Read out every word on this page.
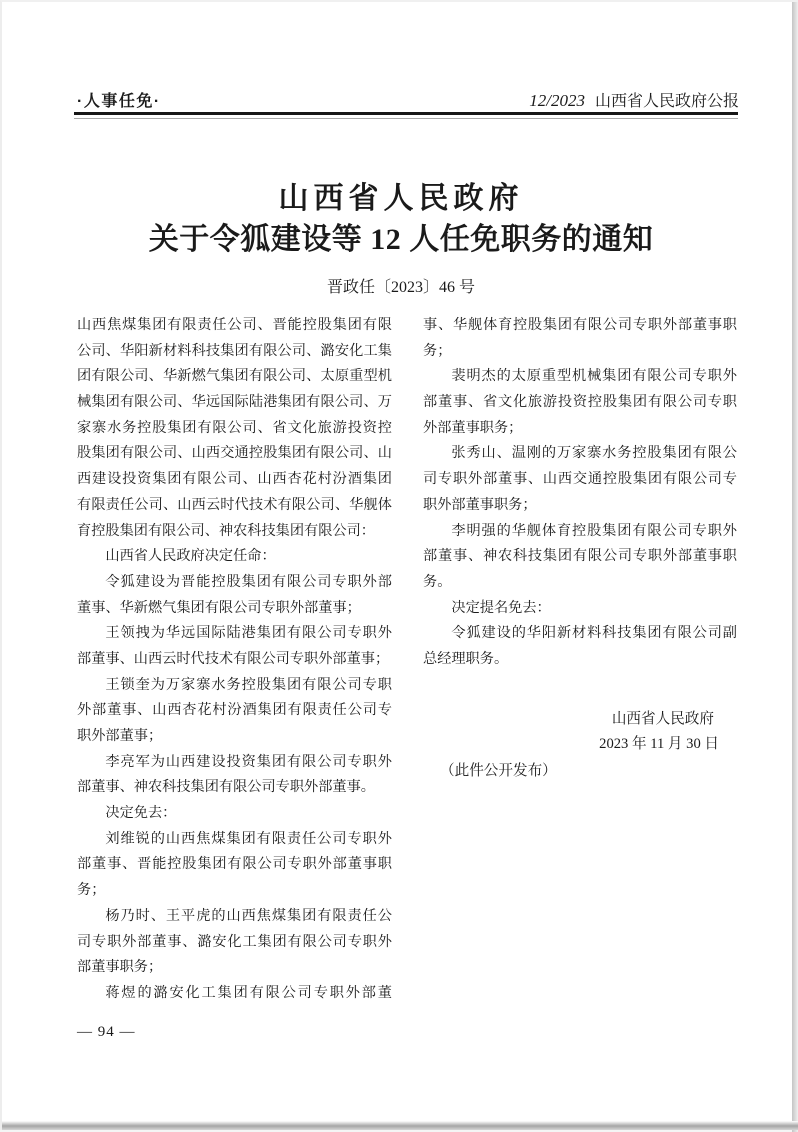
·人事任免·	12/2023 山西省人民政府公报
山西省人民政府
关于令狐建设等 12 人任免职务的通知
晋政任〔2023〕46 号
山西焦煤集团有限责任公司、晋能控股集团有限
公司、华阳新材料科技集团有限公司、潞安化工集
团有限公司、华新燃气集团有限公司、太原重型机
械集团有限公司、华远国际陆港集团有限公司、万
家寨水务控股集团有限公司、省文化旅游投资控
股集团有限公司、山西交通控股集团有限公司、山
西建设投资集团有限公司、山西杏花村汾酒集团
有限责任公司、山西云时代技术有限公司、华舰体
育控股集团有限公司、神农科技集团有限公司：
山西省人民政府决定任命：
令狐建设为晋能控股集团有限公司专职外部
董事、华新燃气集团有限公司专职外部董事；
王领拽为华远国际陆港集团有限公司专职外
部董事、山西云时代技术有限公司专职外部董事；
王锁奎为万家寨水务控股集团有限公司专职
外部董事、山西杏花村汾酒集团有限责任公司专
职外部董事；
李亮军为山西建设投资集团有限公司专职外
部董事、神农科技集团有限公司专职外部董事。
决定免去：
刘维锐的山西焦煤集团有限责任公司专职外
部董事、晋能控股集团有限公司专职外部董事职
务；
杨乃时、王平虎的山西焦煤集团有限责任公
司专职外部董事、潞安化工集团有限公司专职外
部董事职务；
蒋煜的潞安化工集团有限公司专职外部董
事、华舰体育控股集团有限公司专职外部董事职
务；
裴明杰的太原重型机械集团有限公司专职外
部董事、省文化旅游投资控股集团有限公司专职
外部董事职务；
张秀山、温刚的万家寨水务控股集团有限公
司专职外部董事、山西交通控股集团有限公司专
职外部董事职务；
李明强的华舰体育控股集团有限公司专职外
部董事、神农科技集团有限公司专职外部董事职
务。
决定提名免去：
令狐建设的华阳新材料科技集团有限公司副
总经理职务。
山西省人民政府
2023 年 11 月 30 日
（此件公开发布）
— 94 —
